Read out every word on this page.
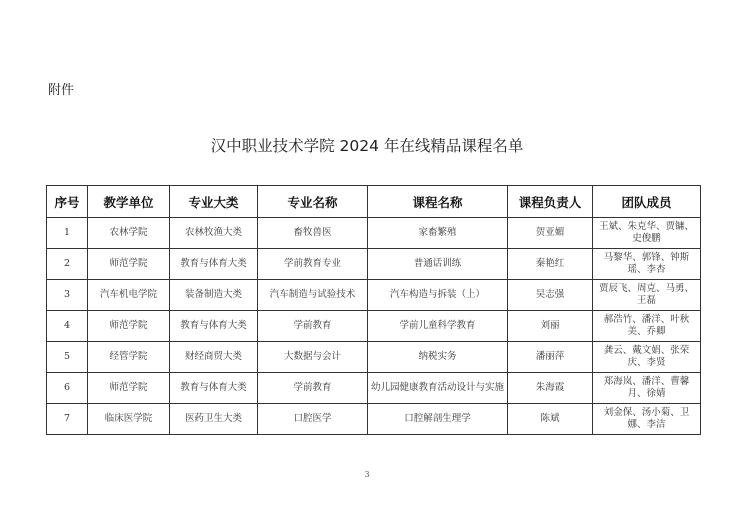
附件
汉中职业技术学院 2024 年在线精品课程名单
序号	教学单位	专业大类	专业名称	课程名称	课程负责人	团队成员
1	农林学院	农林牧渔大类	畜牧兽医	家畜繁殖	贺亚媚	王斌、朱克华、贾镛、史俊鹏
2	师范学院	教育与体育大类	学前教育专业	普通话训练	秦艳红	马黎华、郭锋、钟斯瑶、李杏
3	汽车机电学院	装备制造大类	汽车制造与试验技术	汽车构造与拆装（上）	吴志强	贾辰飞、周克、马勇、王磊
4	师范学院	教育与体育大类	学前教育	学前儿童科学教育	刘丽	郝浩竹、潘洋、叶秋美、乔卿
5	经管学院	财经商贸大类	大数据与会计	纳税实务	潘丽萍	龚云、戴文娟、张荣庆、李贤
6	师范学院	教育与体育大类	学前教育	幼儿园健康教育活动设计与实施	朱海霞	郑海岚、潘洋、曹馨月、徐婧
7	临床医学院	医药卫生大类	口腔医学	口腔解剖生理学	陈斌	刘金保、汤小菊、卫娜、李洁
3
